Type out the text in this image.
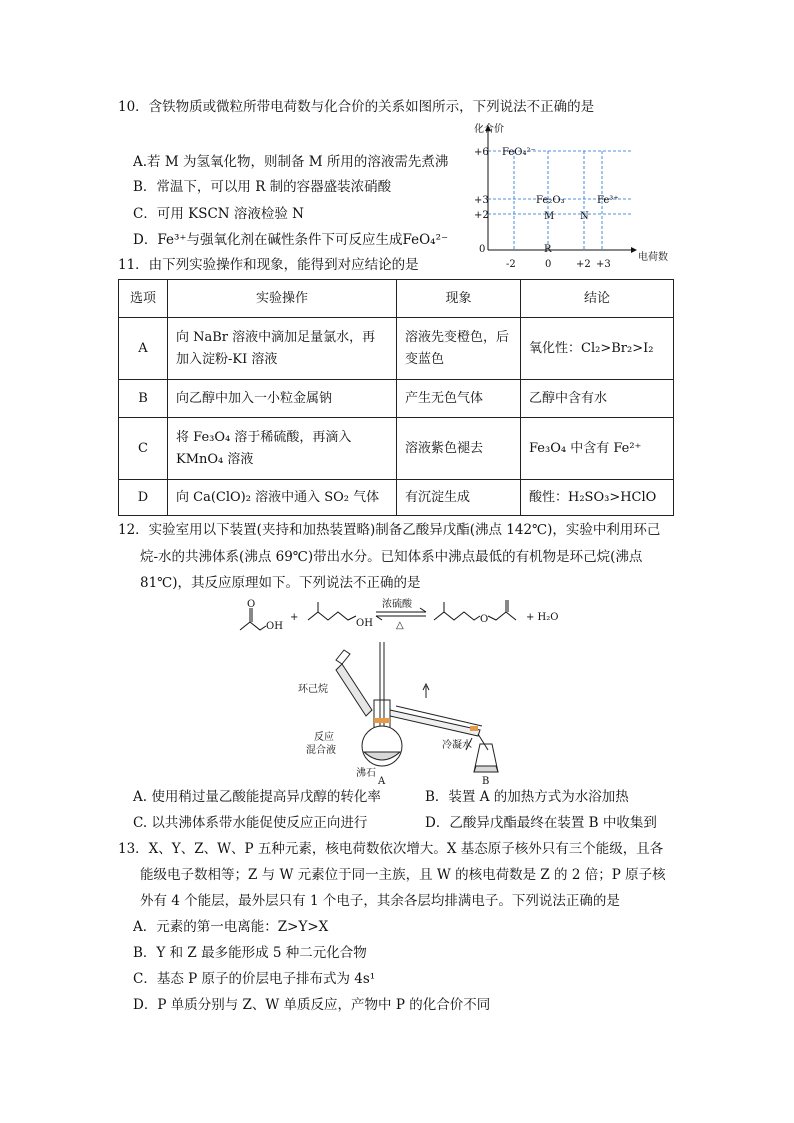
10．含铁物质或微粒所带电荷数与化合价的关系如图所示，下列说法不正确的是
A.若 M 为氢氧化物，则制备 M 所用的溶液需先煮沸
B．常温下，可以用 R 制的容器盛装浓硝酸
C．可用 KSCN 溶液检验 N
D．Fe³⁺与强氧化剂在碱性条件下可反应生成FeO₄²⁻
化合价
电荷数
+6
+3
+2
0
-2	0 +2 +3
FeO₄²⁻
Fe₂O₃	Fe³⁺
M	N
R
11．由下列实验操作和现象，能得到对应结论的是
选项	实验操作	现象	结论
A	向 NaBr 溶液中滴加足量氯水，再加入淀粉-KI 溶液	溶液先变橙色，后变蓝色	氧化性：Cl₂>Br₂>I₂
B	向乙醇中加入一小粒金属钠	产生无色气体	乙醇中含有水
C	将 Fe₃O₄ 溶于稀硫酸，再滴入 KMnO₄ 溶液	溶液紫色褪去	Fe₃O₄ 中含有 Fe²⁺
D	向 Ca(ClO)₂ 溶液中通入 SO₂ 气体	有沉淀生成	酸性：H₂SO₃>HClO
12．实验室用以下装置(夹持和加热装置略)制备乙酸异戊酯(沸点 142℃)，实验中利用环己
烷-水的共沸体系(沸点 69℃)带出水分。已知体系中沸点最低的有机物是环己烷(沸点
81℃)，其反应原理如下。下列说法不正确的是
O
OH
+
OH
浓硫酸
△
O	+ H₂O
环己烷
反应
混合液
沸石
冷凝水
A	B
A. 使用稍过量乙酸能提高异戊醇的转化率	B．装置 A 的加热方式为水浴加热
C. 以共沸体系带水能促使反应正向进行	D．乙酸异戊酯最终在装置 B 中收集到
13．X、Y、Z、W、P 五种元素，核电荷数依次增大。X 基态原子核外只有三个能级，且各
能级电子数相等；Z 与 W 元素位于同一主族，且 W 的核电荷数是 Z 的 2 倍；P 原子核
外有 4 个能层，最外层只有 1 个电子，其余各层均排满电子。下列说法正确的是
A．元素的第一电离能：Z>Y>X
B．Y 和 Z 最多能形成 5 种二元化合物
C．基态 P 原子的价层电子排布式为 4s¹
D．P 单质分别与 Z、W 单质反应，产物中 P 的化合价不同
